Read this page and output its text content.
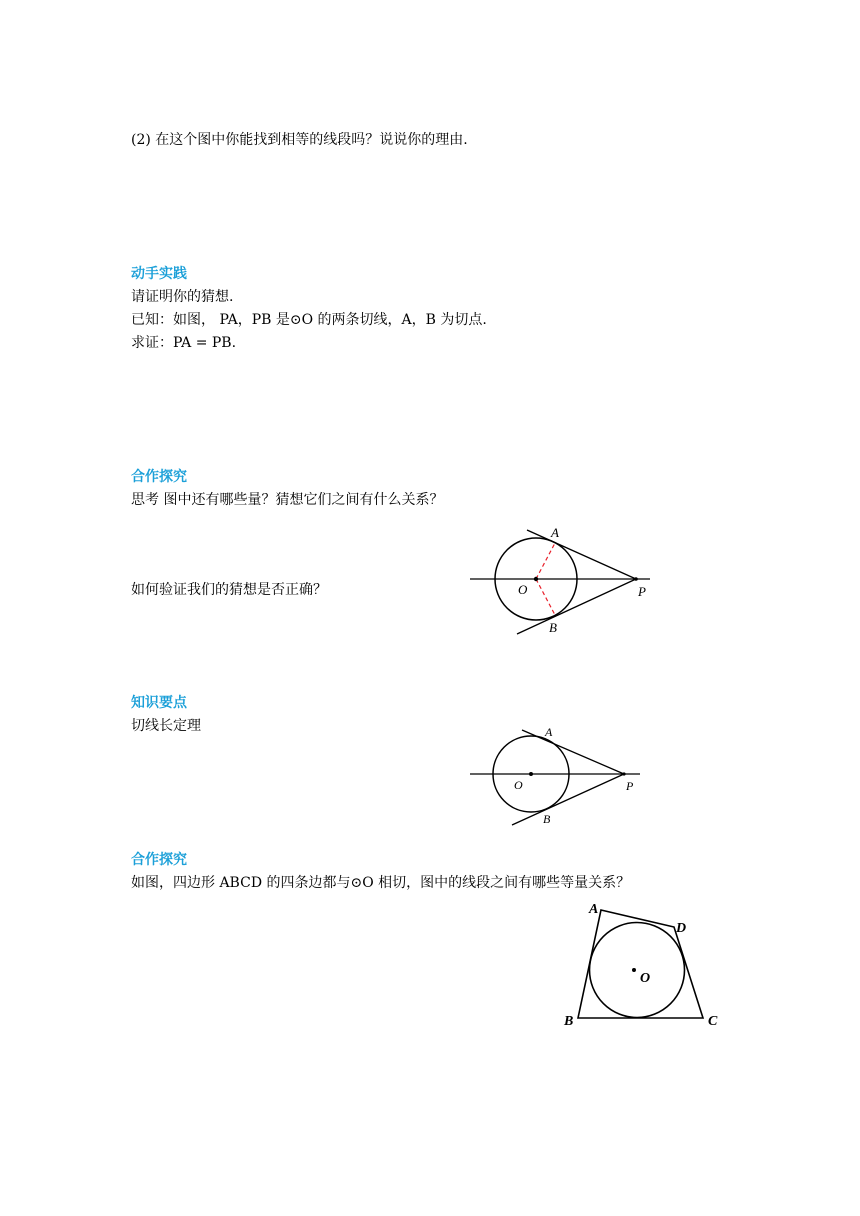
(2) 在这个图中你能找到相等的线段吗？说说你的理由.
动手实践
请证明你的猜想.
已知：如图， PA，PB 是⊙O 的两条切线，A，B 为切点.
求证：PA = PB.
合作探究
思考 图中还有哪些量？猜想它们之间有什么关系？
如何验证我们的猜想是否正确？
A
B
O	P
知识要点
切线长定理	A
B
O	P
合作探究
如图，四边形 ABCD 的四条边都与⊙O 相切，图中的线段之间有哪些等量关系？
A
B	C
D
O
